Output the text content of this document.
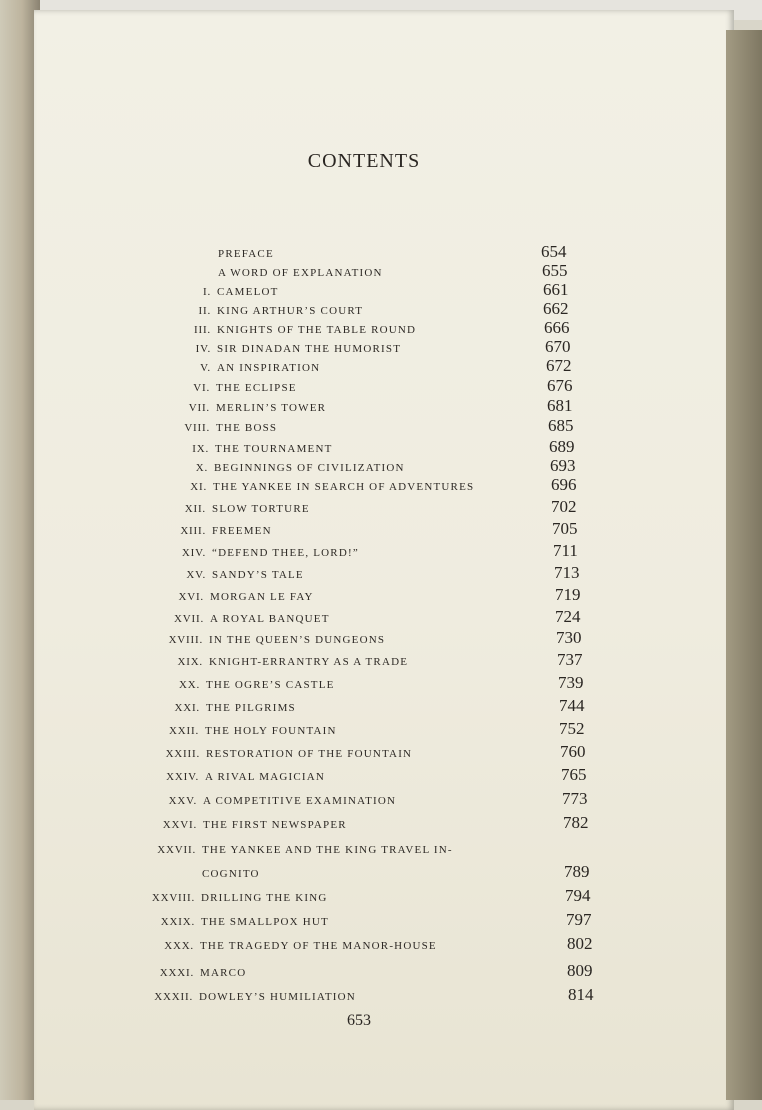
CONTENTS
PREFACE	654
A WORD OF EXPLANATION	655
I. CAMELOT	661
II. KING ARTHUR’S COURT	662
III. KNIGHTS OF THE TABLE ROUND	666
IV. SIR DINADAN THE HUMORIST	670
V. AN INSPIRATION	672
VI. THE ECLIPSE	676
VII. MERLIN’S TOWER	681
VIII. THE BOSS	685
IX. THE TOURNAMENT	689
X. BEGINNINGS OF CIVILIZATION	693
XI. THE YANKEE IN SEARCH OF ADVENTURES	696
XII. SLOW TORTURE	702
XIII. FREEMEN	705
XIV. “DEFEND THEE, LORD!”	711
XV. SANDY’S TALE	713
XVI. MORGAN LE FAY	719
XVII. A ROYAL BANQUET	724
XVIII. IN THE QUEEN’S DUNGEONS	730
XIX. KNIGHT-ERRANTRY AS A TRADE	737
XX. THE OGRE’S CASTLE	739
XXI. THE PILGRIMS	744
XXII. THE HOLY FOUNTAIN	752
XXIII. RESTORATION OF THE FOUNTAIN	760
XXIV. A RIVAL MAGICIAN	765
XXV. A COMPETITIVE EXAMINATION	773
XXVI. THE FIRST NEWSPAPER	782
XXVII. THE YANKEE AND THE KING TRAVEL IN-
COGNITO	789
XXVIII. DRILLING THE KING	794
XXIX. THE SMALLPOX HUT	797
XXX. THE TRAGEDY OF THE MANOR-HOUSE	802
XXXI. MARCO	809
XXXII. DOWLEY’S HUMILIATION	814
653
